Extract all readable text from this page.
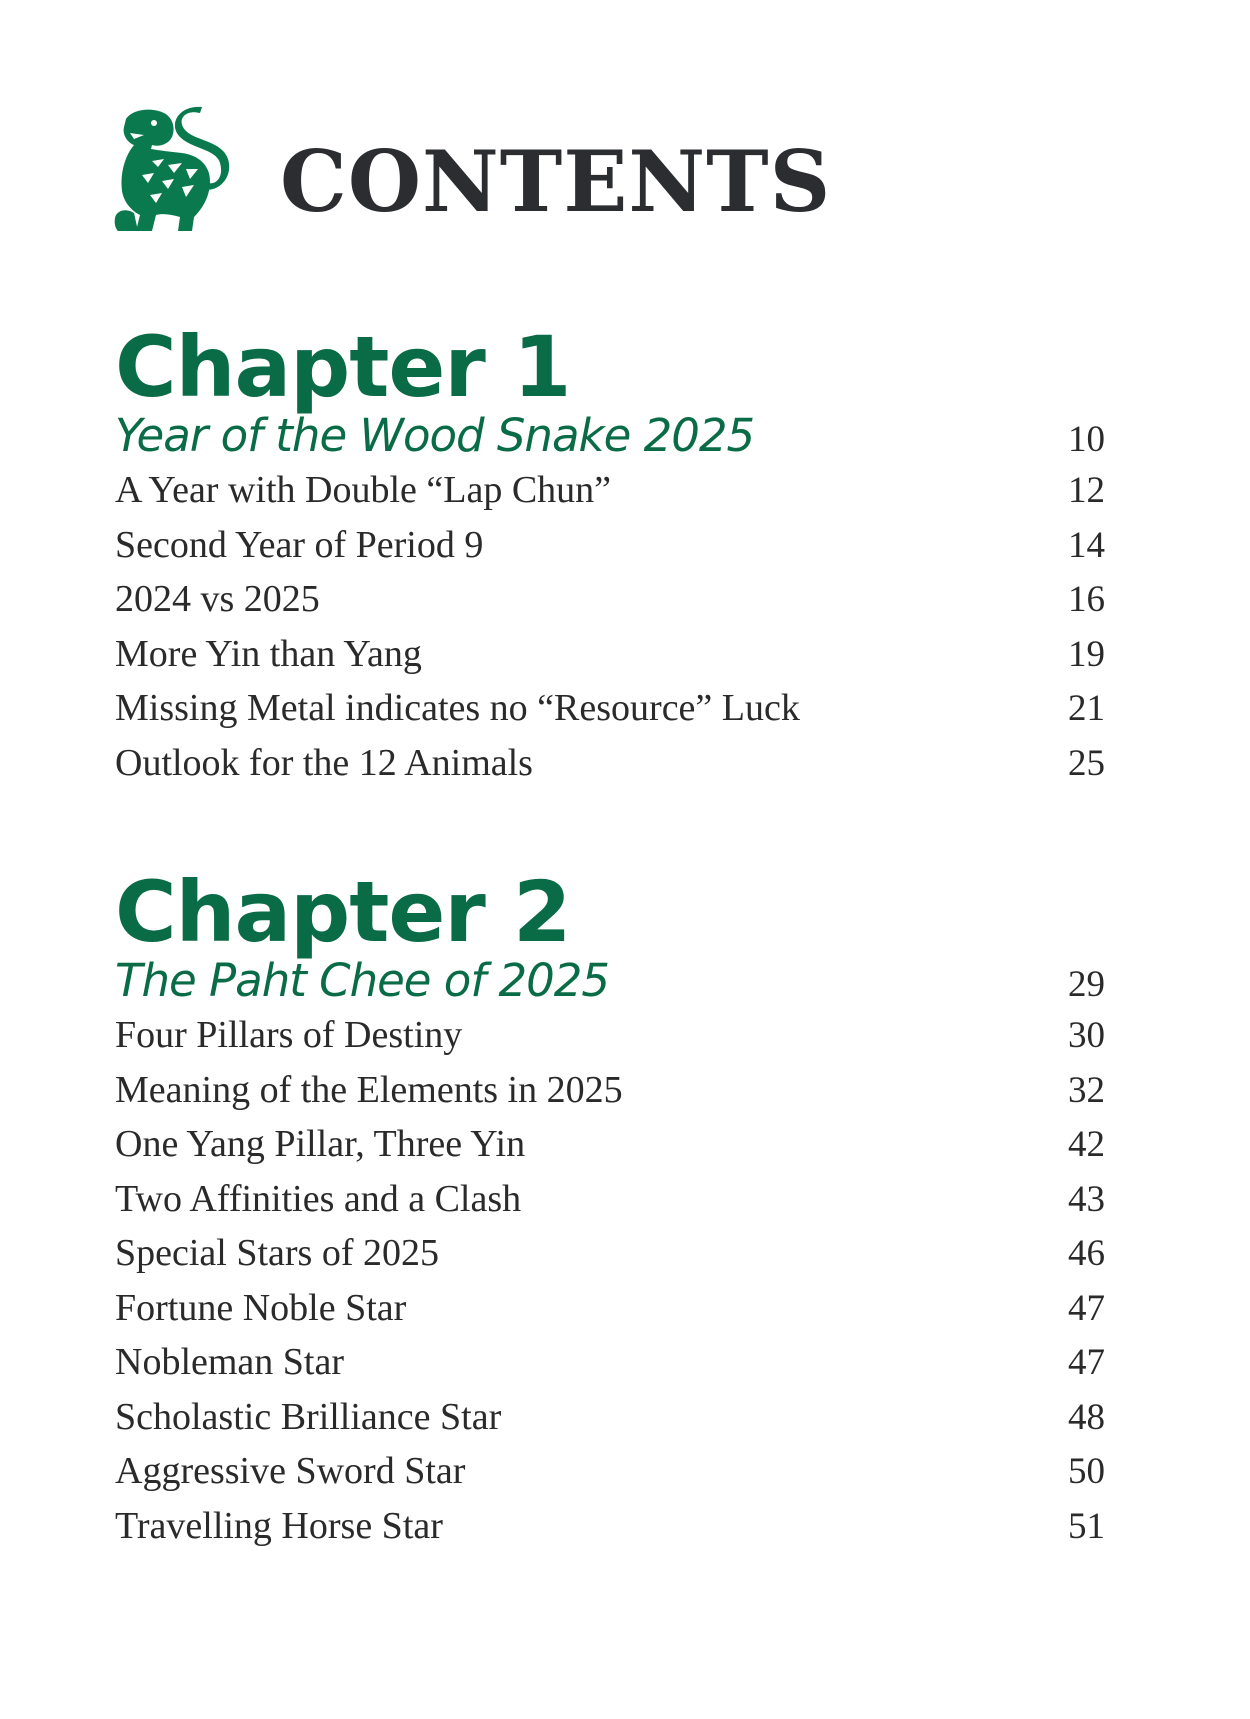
CONTENTS
Chapter 1
Year of the Wood Snake 2025	10
A Year with Double “Lap Chun”	12
Second Year of Period 9	14
2024 vs 2025	16
More Yin than Yang	19
Missing Metal indicates no “Resource” Luck	21
Outlook for the 12 Animals	25
Chapter 2
The Paht Chee of 2025	29
Four Pillars of Destiny	30
Meaning of the Elements in 2025	32
One Yang Pillar, Three Yin	42
Two Affinities and a Clash	43
Special Stars of 2025	46
Fortune Noble Star	47
Nobleman Star	47
Scholastic Brilliance Star	48
Aggressive Sword Star	50
Travelling Horse Star	51
